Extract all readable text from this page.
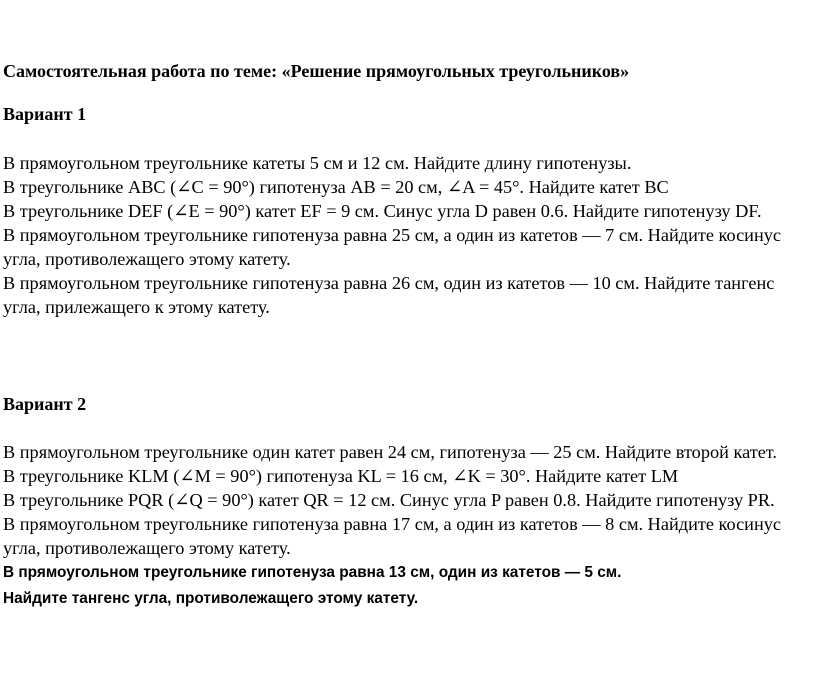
Самостоятельная работа по теме: «Решение прямоугольных треугольников»
Вариант 1

В прямоугольном треугольнике катеты 5 см и 12 см. Найдите длину гипотенузы.

В треугольнике ABC (∠C = 90°) гипотенуза AB = 20 см, ∠A = 45°. Найдите катет BC

В треугольнике DEF (∠E = 90°) катет EF = 9 см. Синус угла D равен 0.6. Найдите гипотенузу DF.

В прямоугольном треугольнике гипотенуза равна 25 см, а один из катетов — 7 см. Найдите косинус угла, противолежащего этому катету.

В прямоугольном треугольнике гипотенуза равна 26 см, один из катетов — 10 см. Найдите тангенс угла, прилежащего к этому катету.

Вариант 2

В прямоугольном треугольнике один катет равен 24 см, гипотенуза — 25 см. Найдите второй катет.

В треугольнике KLM (∠M = 90°) гипотенуза KL = 16 см, ∠K = 30°. Найдите катет LM

В треугольнике PQR (∠Q = 90°) катет QR = 12 см. Синус угла P равен 0.8. Найдите гипотенузу PR.

В прямоугольном треугольнике гипотенуза равна 17 см, а один из катетов — 8 см. Найдите косинус угла, противолежащего этому катету.

В прямоугольном треугольнике гипотенуза равна 13 см, один из катетов — 5 см. Найдите тангенс угла, противолежащего этому катету.
